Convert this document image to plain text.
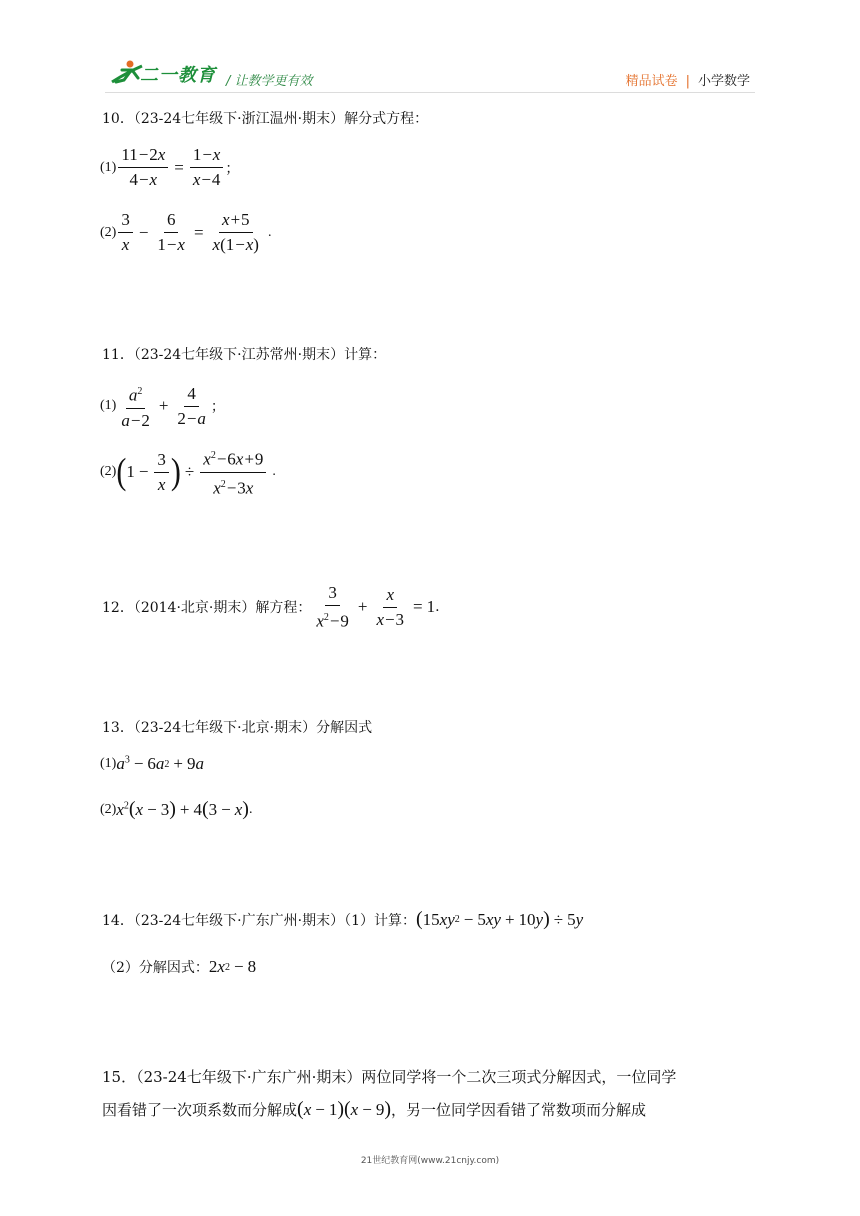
二一教育 / 让教学更有效	精品试卷 | 小学数学
10．（23-24七年级下·浙江温州·期末）解分式方程：
$(1) \frac{11-2x}{4-x} = \frac{1-x}{x-4}$ ；
$(2) \frac{3}{x} - \frac{6}{1-x} = \frac{x+5}{x(1-x)}$ .
11．（23-24七年级下·江苏常州·期末）计算：
$(1) \frac{a^2}{a-2} + \frac{4}{2-a}$ ；
(2) ( $1 - \frac{3}{x}$ ) ÷ $\frac{x^2-6x+9}{x^2-3x}$ .
12．（2014·北京·期末）解方程： $\frac{3}{x^2-9} + \frac{x}{x-3} = 1$ .
13．（23-24七年级下·北京·期末）分解因式
(1) $a^3 - 6$ a 2 + 9 a
(2) $x^2$ ( x − 3 ) + 4 ( 3 − x ) .
14．（23-24七年级下·广东广州·期末）（1）计算： ( 15 xy 2 − 5 xy + 10 y ) ÷ 5 y
（2）分解因式： 2 x 2 − 8
15．（23-24七年级下·广东广州·期末）两位同学将一个二次三项式分解因式，一位同学
因看错了一次项系数而分解成 ( x − 1 ) ( x − 9 ) ，另一位同学因看错了常数项而分解成
21世纪教育网(www.21cnjy.com)
